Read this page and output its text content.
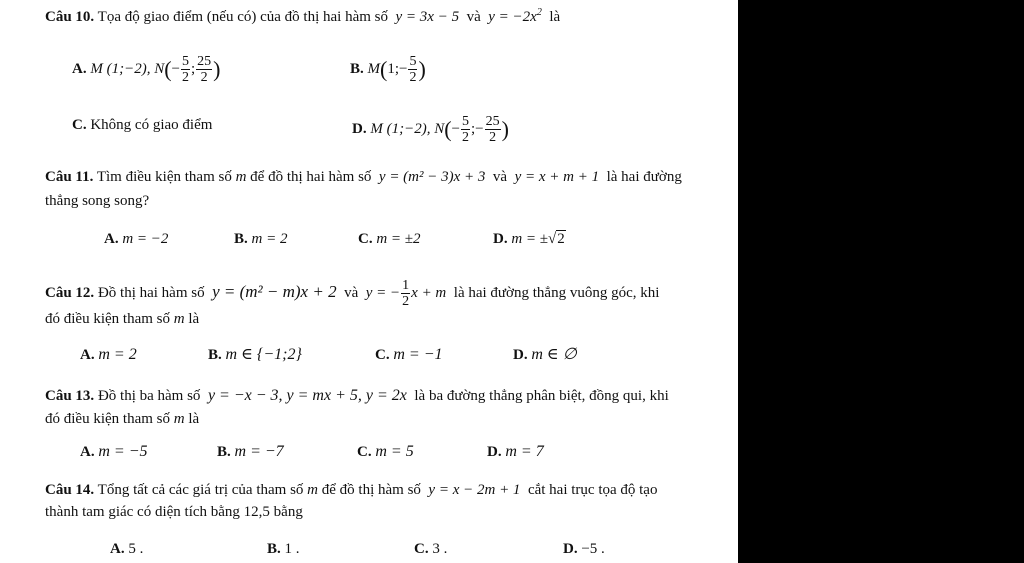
Câu 10. Tọa độ giao điểm (nếu có) của đồ thị hai hàm số y = 3x − 5 và $y = -2x^2$ là
A. M (1;−2), $N(- \frac{5}{2}$ ; $\frac{25}{2}$ )	B. M(1;− $\frac{5}{2}$ )
C. Không có giao điểm	D. M (1;−2), $N(- \frac{5}{2}$ ;− $\frac{25}{2}$ )
Câu 11. Tìm điều kiện tham số m để đồ thị hai hàm số y = (m² − 3)x + 3 và y = x + m + 1 là hai đường
thẳng song song?
A. m = −2	B. m = 2	C. m = ±2	D. m = ±√2
Câu 12. Đồ thị hai hàm số y = (m² − m)x + 2 và y = − $\frac{1}{2}$ x + m là hai đường thẳng vuông góc, khi
đó điều kiện tham số m là
A. m = 2	B. m ∈ {−1;2}	C. m = −1	D. m ∈ ∅
Câu 13. Đồ thị ba hàm số y = −x − 3, y = mx + 5, y = 2x là ba đường thẳng phân biệt, đồng qui, khi
đó điều kiện tham số m là
A. m = −5	B. m = −7	C. m = 5	D. m = 7
Câu 14. Tổng tất cả các giá trị của tham số m để đồ thị hàm số y = x − 2m + 1 cắt hai trục tọa độ tạo
thành tam giác có diện tích bằng 12,5 bằng
A. 5 .	B. 1 .	C. 3 .	D. −5 .
